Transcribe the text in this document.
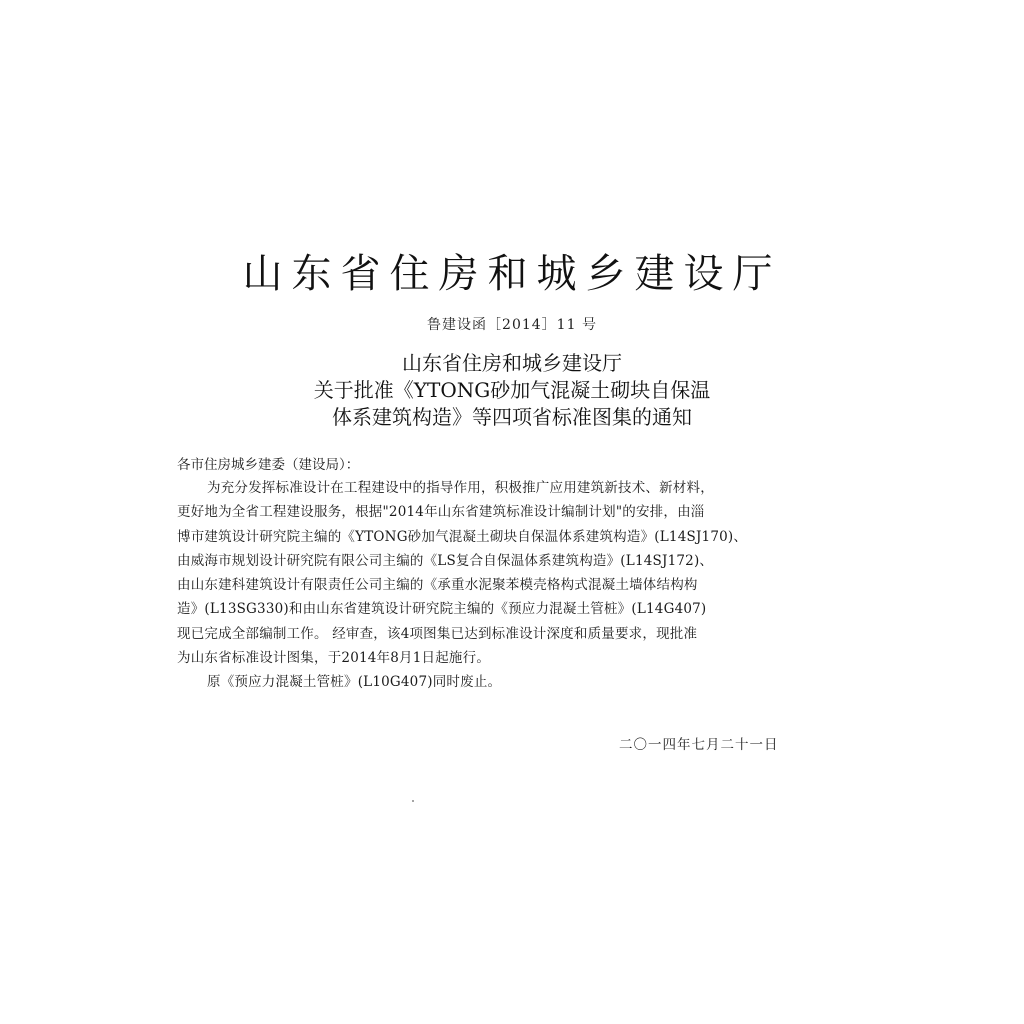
山东省住房和城乡建设厅
鲁建设函［2014］11 号
山东省住房和城乡建设厅
关于批准《YTONG砂加气混凝土砌块自保温
体系建筑构造》等四项省标准图集的通知
各市住房城乡建委（建设局）：
为充分发挥标准设计在工程建设中的指导作用，积极推广应用建筑新技术、新材料，
更好地为全省工程建设服务，根据"2014年山东省建筑标准设计编制计划"的安排，由淄
博市建筑设计研究院主编的《YTONG砂加气混凝土砌块自保温体系建筑构造》(L14SJ170)、
由威海市规划设计研究院有限公司主编的《LS复合自保温体系建筑构造》(L14SJ172)、
由山东建科建筑设计有限责任公司主编的《承重水泥聚苯模壳格构式混凝土墙体结构构
造》(L13SG330)和由山东省建筑设计研究院主编的《预应力混凝土管桩》(L14G407)
现已完成全部编制工作。 经审查，该4项图集已达到标准设计深度和质量要求，现批准
为山东省标准设计图集，于2014年8月1日起施行。
原《预应力混凝土管桩》(L10G407)同时废止。
二〇一四年七月二十一日
